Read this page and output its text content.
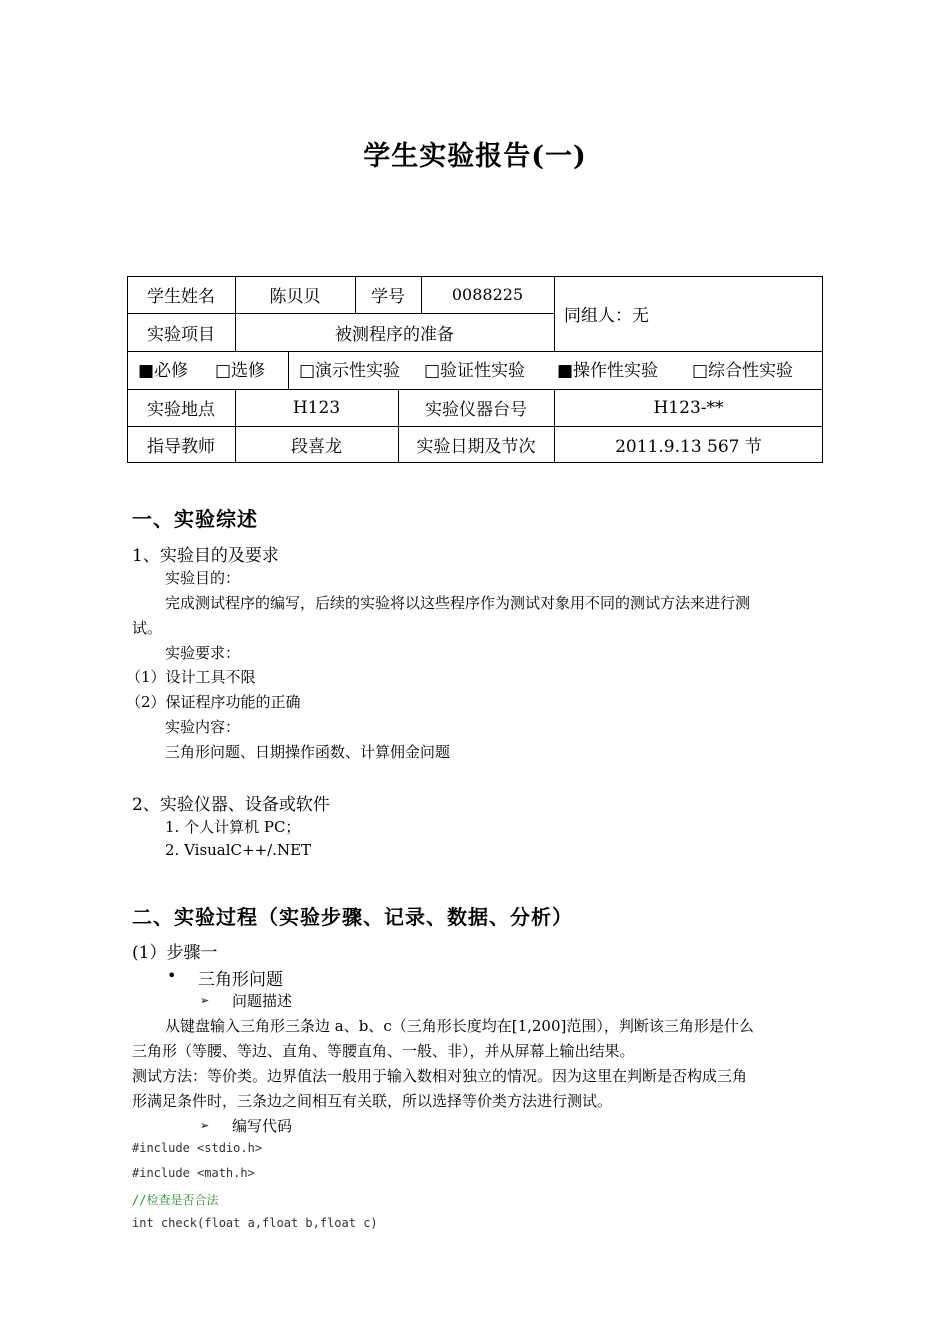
学生实验报告(一)
学生姓名	陈贝贝	学号	0088225
同组人：无
实验项目	被测程序的准备
■必修 □选修 □演示性实验 □验证性实验 ■操作性实验 □综合性实验
实验地点	H123	实验仪器台号	H123-**
指导教师	段喜龙	实验日期及节次	2011.9.13 567 节
一、实验综述
1、实验目的及要求
实验目的：
完成测试程序的编写，后续的实验将以这些程序作为测试对象用不同的测试方法来进行测
试。
实验要求：
（1）设计工具不限
（2）保证程序功能的正确
实验内容：
三角形问题、日期操作函数、计算佣金问题
2、实验仪器、设备或软件
1. 个人计算机 PC；
2. VisualC++/.NET
二、实验过程（实验步骤、记录、数据、分析）
(1）步骤一
• 三角形问题
➢ 问题描述
从键盘输入三角形三条边 a、b、c（三角形长度均在[1,200]范围），判断该三角形是什么
三角形（等腰、等边、直角、等腰直角、一般、非），并从屏幕上输出结果。
测试方法：等价类。边界值法一般用于输入数相对独立的情况。因为这里在判断是否构成三角
形满足条件时，三条边之间相互有关联，所以选择等价类方法进行测试。
➢ 编写代码
#include <stdio.h>
#include <math.h>
//检查是否合法
int check(float a,float b,float c)
